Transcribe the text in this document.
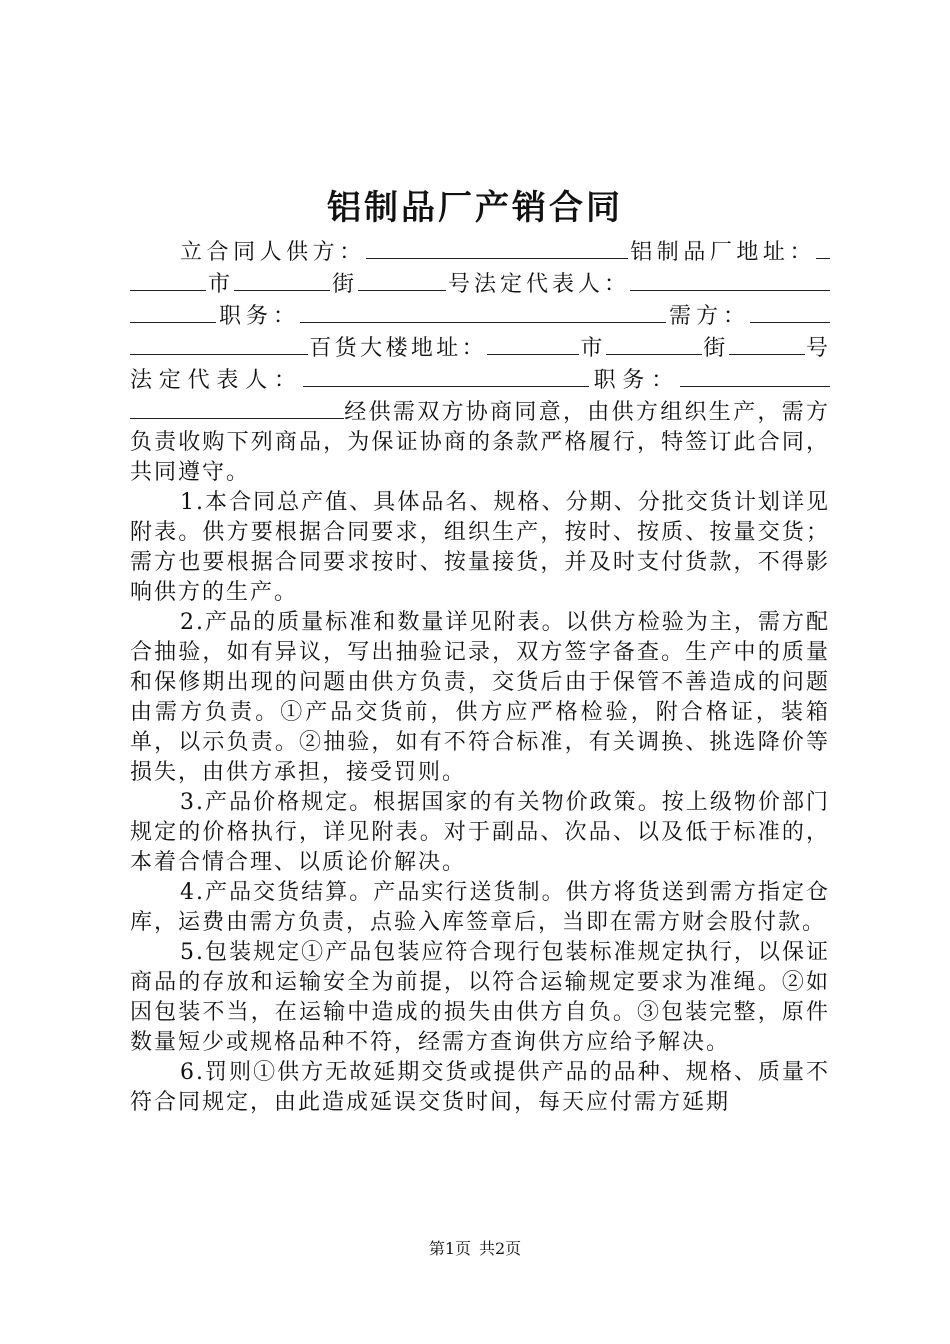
铝制品厂产销合同

立合同人供方：	铝制品厂地址：市	街	号法定代表人：职务：	需方：百货大楼地址：	市	街	号法定代表人：	职务：经供需双方协商同意，由供方组织生产，需方负责收购下列商品，为保证协商的条款严格履行，特签订此合同，共同遵守。

1.本合同总产值、具体品名、规格、分期、分批交货计划详见附表。供方要根据合同要求，组织生产，按时、按质、按量交货；需方也要根据合同要求按时、按量接货，并及时支付货款，不得影响供方的生产。

2.产品的质量标准和数量详见附表。以供方检验为主，需方配合抽验，如有异议，写出抽验记录，双方签字备查。生产中的质量和保修期出现的问题由供方负责，交货后由于保管不善造成的问题由需方负责。①产品交货前，供方应严格检验，附合格证，装箱单，以示负责。②抽验，如有不符合标准，有关调换、挑选降价等损失，由供方承担，接受罚则。

3.产品价格规定。根据国家的有关物价政策。按上级物价部门规定的价格执行，详见附表。对于副品、次品、以及低于标准的，本着合情合理、以质论价解决。

4.产品交货结算。产品实行送货制。供方将货送到需方指定仓库，运费由需方负责，点验入库签章后，当即在需方财会股付款。

5.包装规定①产品包装应符合现行包装标准规定执行，以保证商品的存放和运输安全为前提，以符合运输规定要求为准绳。②如因包装不当，在运输中造成的损失由供方自负。③包装完整，原件数量短少或规格品种不符，经需方查询供方应给予解决。

6.罚则①供方无故延期交货或提供产品的品种、规格、质量不符合同规定，由此造成延误交货时间，每天应付需方延期

第1页 共2页
